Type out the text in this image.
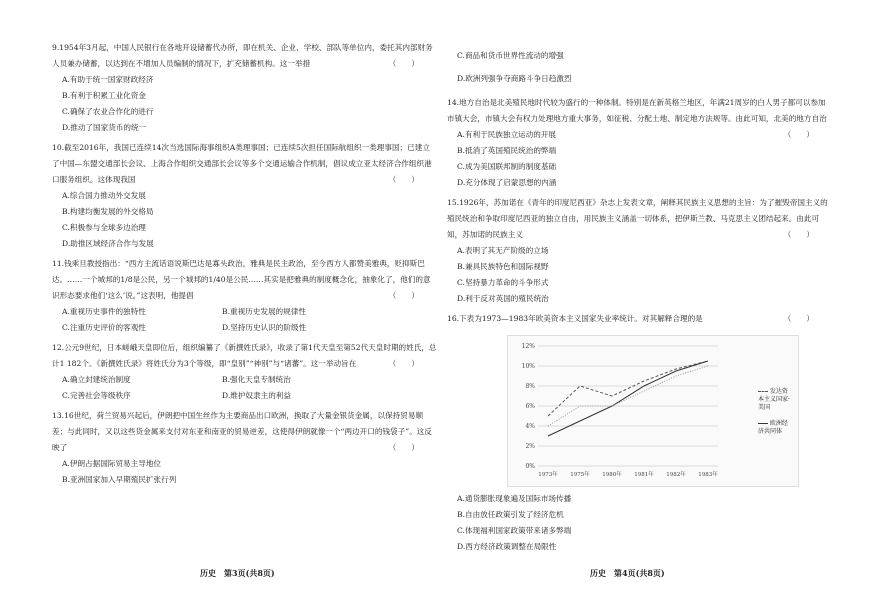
9.1954年3月起，中国人民银行在各地开设储蓄代办所，即在机关、企业、学校、部队等单位内，委托其内部财务人员兼办储蓄，以达到在不增加人员编制的情况下，扩充储蓄机构。这一举措	（　　）

A.有助于统一国家财政经济

B.有利于积累工业化资金

C.确保了农业合作化的进行

D.推动了国家货币的统一

10.截至2016年，我国已连续14次当选国际海事组织A类理事国；已连续5次担任国际航组织一类理事国；已建立了中国—东盟交通部长会议、上海合作组织交通部长会议等多个交通运输合作机制，倡议成立亚太经济合作组织港口服务组织。这体现我国	（　　）

A.综合国力推动外交发展

B.构建均衡发展的外交格局

C.积极参与全球多边治理

D.助推区域经济合作与发展

11.钱乘旦教授指出：“西方主流话语说斯巴达是寡头政治，雅典是民主政治，至今西方人都赞美雅典，贬抑斯巴达。……一个城邦的1/8是公民，另一个城邦的1/40是公民……其实是把雅典的制度概念化，抽象化了，他们的意识形态要求他们‘这么’说。”这表明，他提倡	（　　）

A.重视历史事件的独特性	B.重视历史发展的规律性
C.注重历史评价的客观性	D.坚持历史认识的阶级性

12.公元9世纪，日本嵯峨天皇即位后，组织编纂了《新撰姓氏录》，收录了第1代天皇至第52代天皇时期的姓氏，总计1 182个。《新撰姓氏录》将姓氏分为3个等级，即“皇别”“神别”与“诸蕃”。这一举动旨在	（　　）

A.确立封建统治制度	B.强化天皇专制统治
C.完善社会等级秩序	D.维护奴隶主的利益

13.16世纪，荷兰贸易兴起后，伊朗把中国生丝作为主要商品出口欧洲，换取了大量金银货金属，以保持贸易顺差；与此同时，又以这些货金属来支付对东亚和南亚的贸易逆差，这使得伊朗就像一个“两边开口的钱袋子”。这反映了	（　　）

A.伊朗占据国际贸易主导地位

B.亚洲国家加入早期殖民扩张行列

C.商品和货币世界性流动的增强

D.欧洲列强争夺商路斗争日趋激烈

14.地方自治是北美殖民地时代较为盛行的一种体制。特别是在新英格兰地区，年满21周岁的白人男子都可以参加市镇大会，市镇大会有权力处理地方重大事务，如征税、分配土地、制定地方法规等。由此可知，北美的地方自治
（　　）

A.有利于民族独立运动的开展

B.抵消了英国殖民统治的弊端

C.成为美国联邦制的制度基础

D.充分体现了启蒙思想的内涵

15.1926年，苏加诺在《青年的印度尼西亚》杂志上发表文章，阐释其民族主义思想的主旨：为了摧毁帝国主义的殖民统治和争取印度尼西亚的独立自由，用民族主义涵盖一切体系，把伊斯兰教、马克思主义团结起来。由此可知，苏加诺的民族主义	（　　）

A.表明了其无产阶级的立场

B.兼具民族特色和国际视野

C.坚持暴力革命的斗争形式

D.利于反对英国的殖民统治

16.下表为1973—1983年欧美资本主义国家失业率统计。对其解释合理的是	（　　）

0%
2%
4%
6%
8%
10%
12%
1973年 1975年 1980年 1981年 1982年 1983年
发达资本主义国家·美国
欧洲经济共同体

A.通货膨胀现象遍及国际市场传播

B.自由放任政策引发了经济危机

C.体现福利国家政策带来诸多弊端

D.西方经济政策调整在局限性

历史　第3页(共8页)	历史　第4页(共8页)
